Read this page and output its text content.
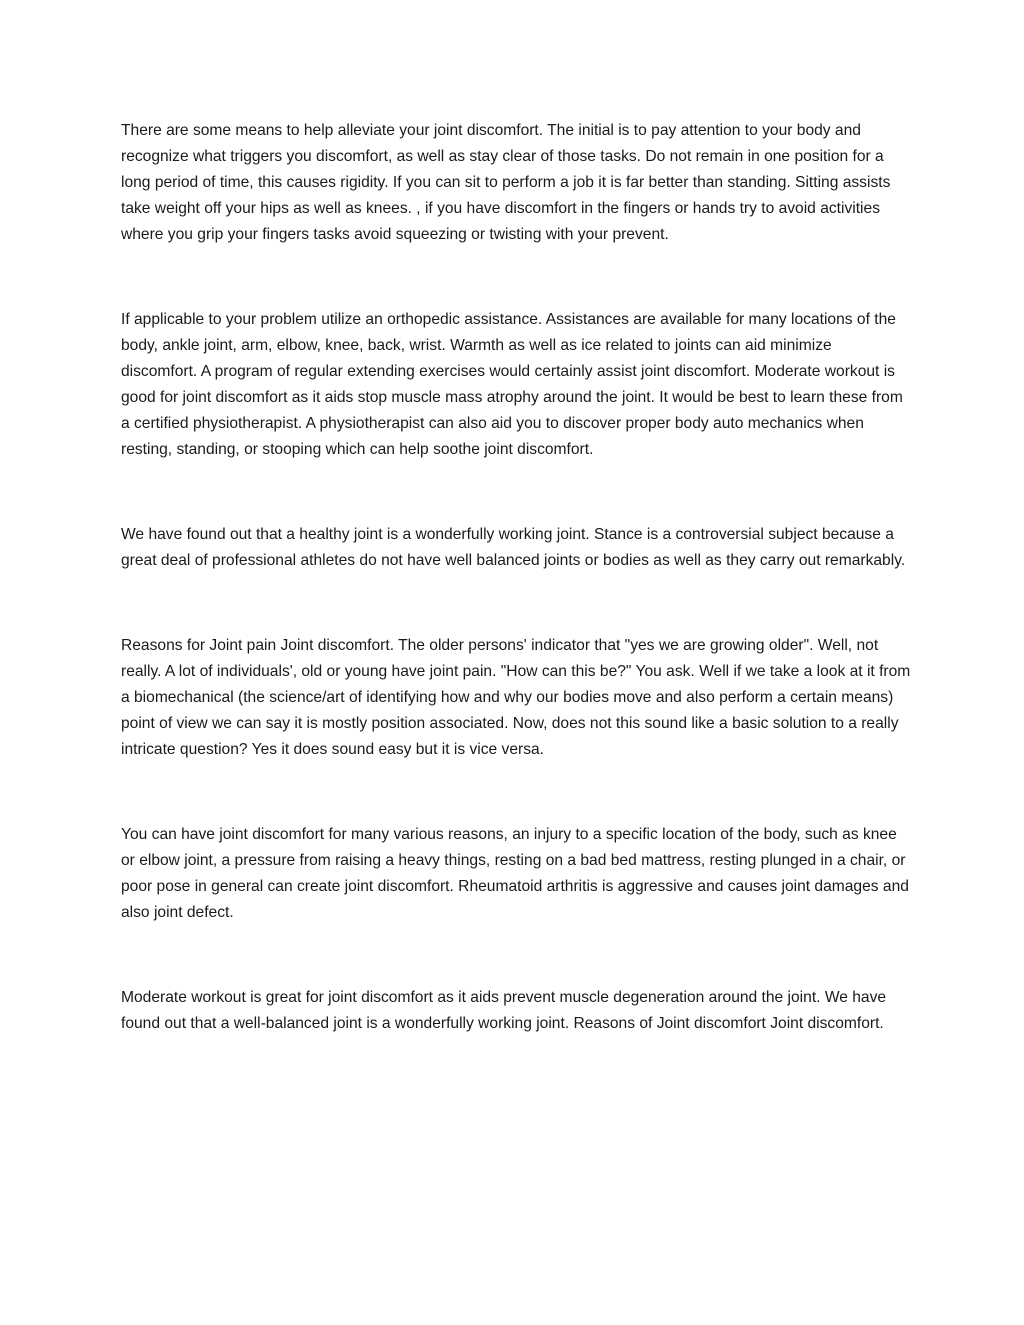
There are some means to help alleviate your joint discomfort. The initial is to pay attention to your body and recognize what triggers you discomfort, as well as stay clear of those tasks. Do not remain in one position for a long period of time, this causes rigidity. If you can sit to perform a job it is far better than standing. Sitting assists take weight off your hips as well as knees. , if you have discomfort in the fingers or hands try to avoid activities where you grip your fingers tasks avoid squeezing or twisting with your prevent.

If applicable to your problem utilize an orthopedic assistance. Assistances are available for many locations of the body, ankle joint, arm, elbow, knee, back, wrist. Warmth as well as ice related to joints can aid minimize discomfort. A program of regular extending exercises would certainly assist joint discomfort. Moderate workout is good for joint discomfort as it aids stop muscle mass atrophy around the joint. It would be best to learn these from a certified physiotherapist. A physiotherapist can also aid you to discover proper body auto mechanics when resting, standing, or stooping which can help soothe joint discomfort.

We have found out that a healthy joint is a wonderfully working joint. Stance is a controversial subject because a great deal of professional athletes do not have well balanced joints or bodies as well as they carry out remarkably.

Reasons for Joint pain Joint discomfort. The older persons' indicator that "yes we are growing older". Well, not really. A lot of individuals', old or young have joint pain. "How can this be?" You ask. Well if we take a look at it from a biomechanical (the science/art of identifying how and why our bodies move and also perform a certain means) point of view we can say it is mostly position associated. Now, does not this sound like a basic solution to a really intricate question? Yes it does sound easy but it is vice versa.

You can have joint discomfort for many various reasons, an injury to a specific location of the body, such as knee or elbow joint, a pressure from raising a heavy things, resting on a bad bed mattress, resting plunged in a chair, or poor pose in general can create joint discomfort. Rheumatoid arthritis is aggressive and causes joint damages and also joint defect.

Moderate workout is great for joint discomfort as it aids prevent muscle degeneration around the joint. We have found out that a well-balanced joint is a wonderfully working joint. Reasons of Joint discomfort Joint discomfort.
